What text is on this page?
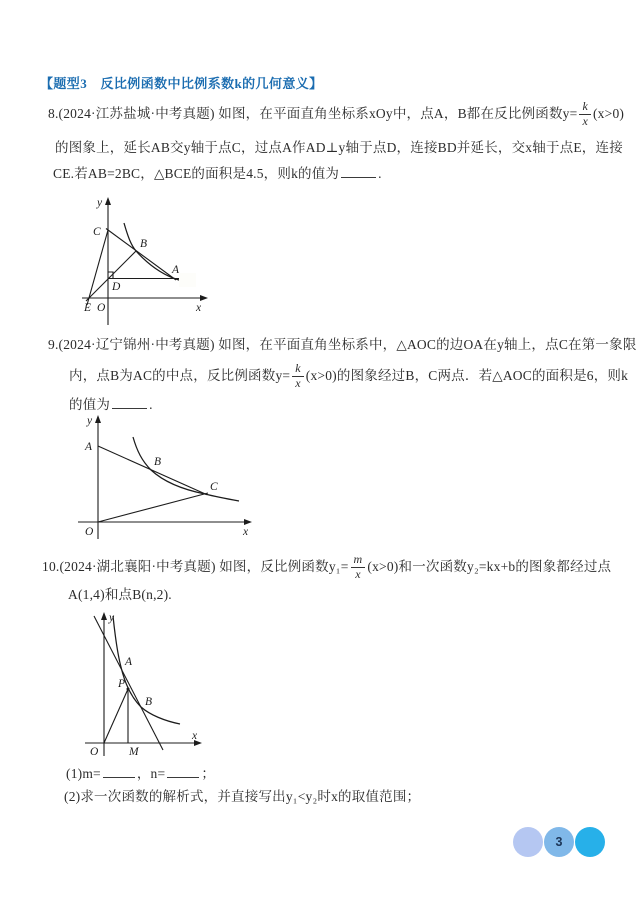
【题型3　反比例函数中比例系数k的几何意义】
8.(2024·江苏盐城·中考真题) 如图，在平面直角坐标系xOy中，点A，B都在反比例函数$y= \frac{k}{x} (x>0)$
的图象上，延长AB交y轴于点C，过点A作AD⊥y轴于点D，连接BD并延长，交x轴于点E，连接
CE.若AB=2BC，△BCE的面积是4.5，则k的值为	.
y
x
C
B
A
D
E O
9.(2024·辽宁锦州·中考真题) 如图，在平面直角坐标系中，△AOC的边OA在y轴上，点C在第一象限
内，点B为AC的中点，反比例函数$y= \frac{k}{x} (x>0)$的图象经过B，C两点．若△AOC的面积是6，则k
的值为	.
y
x
A
B
C
O
10.(2024·湖北襄阳·中考真题) 如图，反比例函数$y_1= \frac{m}{x} (x>0)$和一次函数y₂=kx+b的图象都经过点
A(1,4)和点B(n,2).
y
x
A
P
B
M
O
(1)m=	，n=	；
(2)求一次函数的解析式，并直接写出y₁<y₂时x的取值范围；
3
